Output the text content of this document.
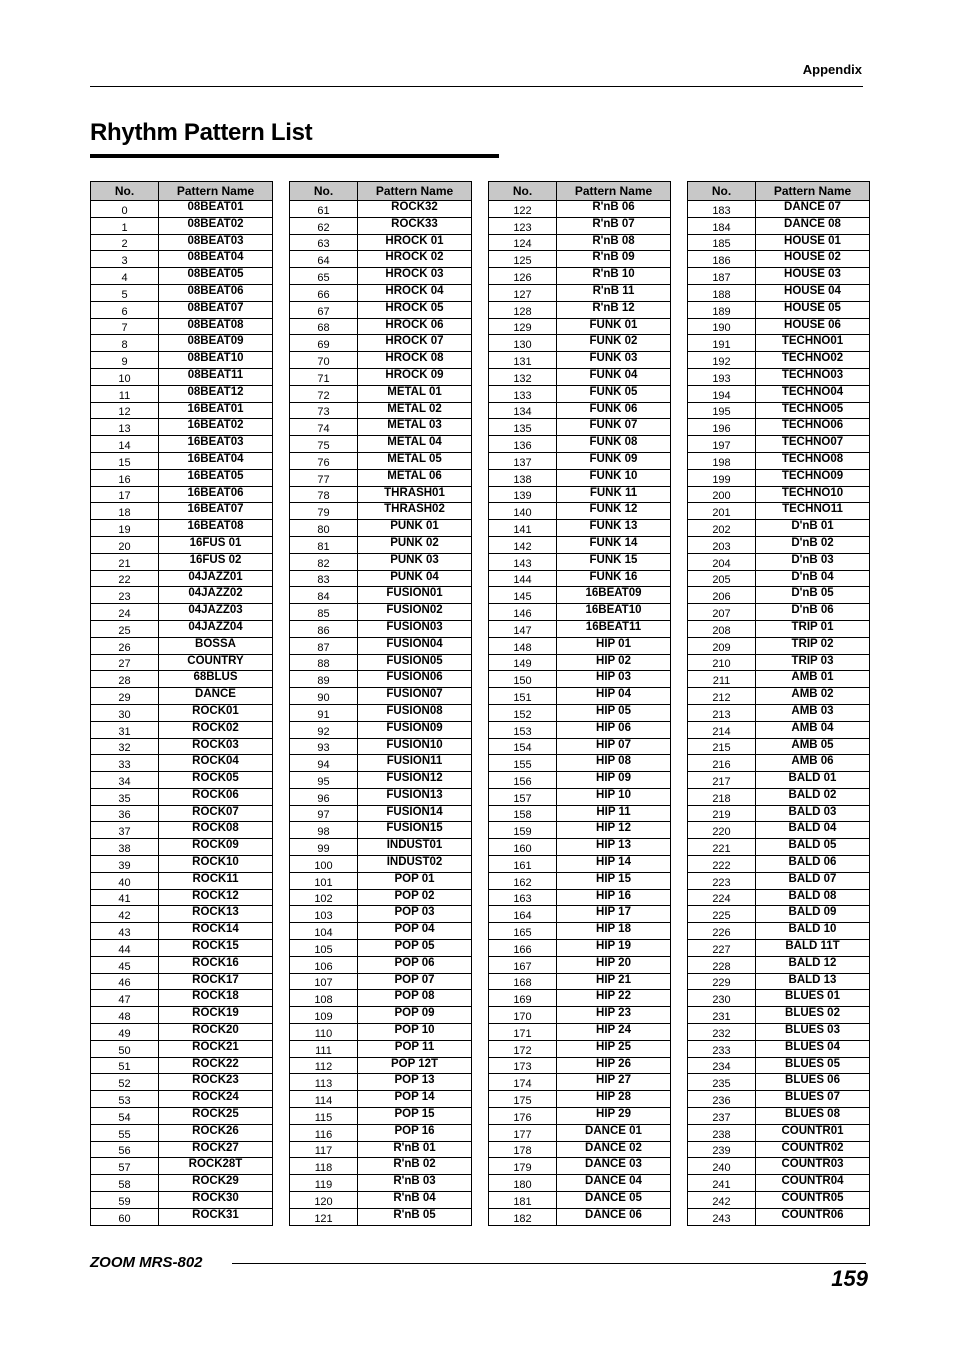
Appendix
Rhythm Pattern List
No.	Pattern Name
0	08BEAT01
1	08BEAT02
2	08BEAT03
3	08BEAT04
4	08BEAT05
5	08BEAT06
6	08BEAT07
7	08BEAT08
8	08BEAT09
9	08BEAT10
10	08BEAT11
11	08BEAT12
12	16BEAT01
13	16BEAT02
14	16BEAT03
15	16BEAT04
16	16BEAT05
17	16BEAT06
18	16BEAT07
19	16BEAT08
20	16FUS 01
21	16FUS 02
22	04JAZZ01
23	04JAZZ02
24	04JAZZ03
25	04JAZZ04
26	BOSSA
27	COUNTRY
28	68BLUS
29	DANCE
30	ROCK01
31	ROCK02
32	ROCK03
33	ROCK04
34	ROCK05
35	ROCK06
36	ROCK07
37	ROCK08
38	ROCK09
39	ROCK10
40	ROCK11
41	ROCK12
42	ROCK13
43	ROCK14
44	ROCK15
45	ROCK16
46	ROCK17
47	ROCK18
48	ROCK19
49	ROCK20
50	ROCK21
51	ROCK22
52	ROCK23
53	ROCK24
54	ROCK25
55	ROCK26
56	ROCK27
57	ROCK28T
58	ROCK29
59	ROCK30
60	ROCK31
No.	Pattern Name
61	ROCK32
62	ROCK33
63	HROCK 01
64	HROCK 02
65	HROCK 03
66	HROCK 04
67	HROCK 05
68	HROCK 06
69	HROCK 07
70	HROCK 08
71	HROCK 09
72	METAL 01
73	METAL 02
74	METAL 03
75	METAL 04
76	METAL 05
77	METAL 06
78	THRASH01
79	THRASH02
80	PUNK 01
81	PUNK 02
82	PUNK 03
83	PUNK 04
84	FUSION01
85	FUSION02
86	FUSION03
87	FUSION04
88	FUSION05
89	FUSION06
90	FUSION07
91	FUSION08
92	FUSION09
93	FUSION10
94	FUSION11
95	FUSION12
96	FUSION13
97	FUSION14
98	FUSION15
99	INDUST01
100	INDUST02
101	POP 01
102	POP 02
103	POP 03
104	POP 04
105	POP 05
106	POP 06
107	POP 07
108	POP 08
109	POP 09
110	POP 10
111	POP 11
112	POP 12T
113	POP 13
114	POP 14
115	POP 15
116	POP 16
117	R'nB 01
118	R'nB 02
119	R'nB 03
120	R'nB 04
121	R'nB 05
No.	Pattern Name
122	R'nB 06
123	R'nB 07
124	R'nB 08
125	R'nB 09
126	R'nB 10
127	R'nB 11
128	R'nB 12
129	FUNK 01
130	FUNK 02
131	FUNK 03
132	FUNK 04
133	FUNK 05
134	FUNK 06
135	FUNK 07
136	FUNK 08
137	FUNK 09
138	FUNK 10
139	FUNK 11
140	FUNK 12
141	FUNK 13
142	FUNK 14
143	FUNK 15
144	FUNK 16
145	16BEAT09
146	16BEAT10
147	16BEAT11
148	HIP 01
149	HIP 02
150	HIP 03
151	HIP 04
152	HIP 05
153	HIP 06
154	HIP 07
155	HIP 08
156	HIP 09
157	HIP 10
158	HIP 11
159	HIP 12
160	HIP 13
161	HIP 14
162	HIP 15
163	HIP 16
164	HIP 17
165	HIP 18
166	HIP 19
167	HIP 20
168	HIP 21
169	HIP 22
170	HIP 23
171	HIP 24
172	HIP 25
173	HIP 26
174	HIP 27
175	HIP 28
176	HIP 29
177	DANCE 01
178	DANCE 02
179	DANCE 03
180	DANCE 04
181	DANCE 05
182	DANCE 06
No.	Pattern Name
183	DANCE 07
184	DANCE 08
185	HOUSE 01
186	HOUSE 02
187	HOUSE 03
188	HOUSE 04
189	HOUSE 05
190	HOUSE 06
191	TECHNO01
192	TECHNO02
193	TECHNO03
194	TECHNO04
195	TECHNO05
196	TECHNO06
197	TECHNO07
198	TECHNO08
199	TECHNO09
200	TECHNO10
201	TECHNO11
202	D'nB 01
203	D'nB 02
204	D'nB 03
205	D'nB 04
206	D'nB 05
207	D'nB 06
208	TRIP 01
209	TRIP 02
210	TRIP 03
211	AMB 01
212	AMB 02
213	AMB 03
214	AMB 04
215	AMB 05
216	AMB 06
217	BALD 01
218	BALD 02
219	BALD 03
220	BALD 04
221	BALD 05
222	BALD 06
223	BALD 07
224	BALD 08
225	BALD 09
226	BALD 10
227	BALD 11T
228	BALD 12
229	BALD 13
230	BLUES 01
231	BLUES 02
232	BLUES 03
233	BLUES 04
234	BLUES 05
235	BLUES 06
236	BLUES 07
237	BLUES 08
238	COUNTR01
239	COUNTR02
240	COUNTR03
241	COUNTR04
242	COUNTR05
243	COUNTR06
ZOOM MRS-802
159
